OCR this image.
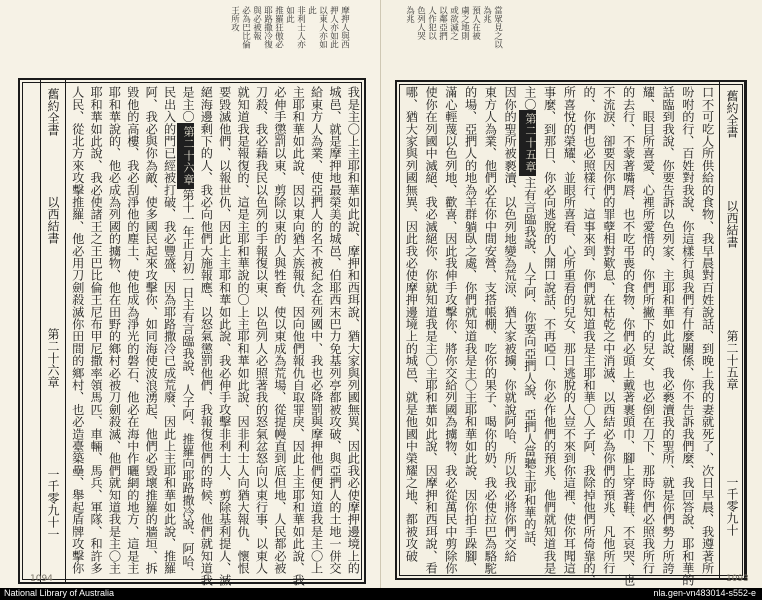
摩押人與西
押人亦如此
以東人亦如
此
非利士人亦
如此
推羅狂傲必
耶路撒冷復
與必被報
必為巴比倫
王所攻
我是主〇上主耶和華如此說、摩押和西珥說、猶大家與列國無異、因此我必使摩押邊境上的
城邑、就是摩押地最榮美的城邑、伯耶西末巴力免基列亭都被攻破、與亞捫人的土地一併交
給東方人為業、使亞捫人的名不被紀念在列國中、我也必降罰與摩押他們便知道我是主〇上
主耶和華如此說、因以東向猶大族報仇、因向他們報仇自取罪戾、因此上主耶和華如此說、我
必伸手懲罰以東、剪除以東的人與牲畜、使以東成為荒場、從提幔直到底但地、人民都必被
刀殺、我必藉我民以色列的手報復以東、以色列人必照著我的怒氣忿怒向以東行事、以東人
就知道我是報復的、這是主耶和華說的〇上主耶和華如此說、因非利士人向猶大報仇、懷恨
要毀滅他們、以報世仇、因此上主耶和華如此說、我必伸手攻擊非利士人、剪除基利提人、滅
絕海邊剩下的人、我必向他們大施報應、以怒氣懲罰他們、我報復他們的時候、他們就知道我
是主〇第二十六章第十一年正月初一日主有言臨我說、人子阿、推羅向耶路撒冷說、阿哈、
民出入的門已經被打破、我必豐盛、因為耶路撒冷已成荒廢、因此上主耶和華如此說、推羅
阿、我必與你為敵、使多國民起來攻擊你、如同海使波浪湧起、他們必毀壞推羅的牆垣、拆
毀他的高樓、我必刮淨他的塵土、使他成為淨光的磐石、他必在海中作曬網的地方、這是主
耶和華說的、他必成為列國的擄物、他在田野的鄉村必被刀劍殺滅、他們就知道我是主〇主
耶和華如此說、我必使諸王之王巴比倫王尼布甲尼撒率領馬匹、車輛、馬兵、軍隊、和許多
人民、從北方來攻擊推羅、他必用刀劍殺滅你田間的鄉村、也必造臺築壘、舉起盾牌攻擊你
舊約全書
以西結書
第二十六章
一千零九十一
1094
當眾見之以
為兆
預人在被
虜之地則
或欲滅之
以鄰亞捫
人作犯以
色列人哭
為兆
口不可吃人所供給的食物、我早晨對百姓說話、到晚上我的妻就死了、次日早晨、我遵著所
吩咐的行、百姓對我說、你這樣行與我們有什麼關係、你不告訴我們麼、我回答說、耶和華的
話臨到我說、你要告訴以色列家、主耶和華如此說、我必褻瀆我的聖所、就是你們勢力所誇
耀、眼目所喜愛、心裡所愛惜的、你們所撇下的兒女、也必倒在刀下、那時你們必照我所行
的去行、不蒙著嘴唇、也不吃弔喪的食物、你們必頭上戴著裹頭巾、腳上穿著鞋、不哀哭、也
不流淚、卻要因你們的罪孽相對歎息、在枯乾之中消滅、以西結必為你們的預兆、凡他所行
的、你們也必照樣行、這事來到、你們就知道我是主耶和華〇人子阿、我除掉他們所倚靠的、
所喜悅的榮耀、並眼所喜看、心所重看的兒女、那日逃脫的人豈不來到你這裡、使你耳聞這
事麼、到那日、你必向逃脫的人開口說話、不再啞口、你必作他們的預兆、他們就知道我是
主〇第二十五章主有言臨我說、人子阿、你要向亞捫人說、亞捫人當聽主耶和華的話、
因你的聖所被褻瀆、以色列地變為荒涼、猶大家被擄、你就說阿哈、所以我必將你們交給
東方人為業、他們必在你中間安營、支搭帳棚、吃你的果子、喝你的奶、我必使拉巴為駱駝
的場、亞捫人的地為羊群躺臥之處、你們就知道我是主〇主耶和華如此說、因你拍手跺腳、
滿心輕蔑以色列地、歡喜、因此我伸手攻擊你、將你交給列國為擄物、我必從萬民中剪除你
使你在列國中滅絕、我必滅絕你、你就知道我是主〇主耶和華如此說、因摩押和西珥說、看
哪、猶大家與列國無異、因此我必使摩押邊境上的城邑、就是他國中榮耀之地、都被攻破	舊約全書
以西結書
第二十五章
一千零九十
1093
National Library of Australia	nla.gen-vn483014-s552-e
